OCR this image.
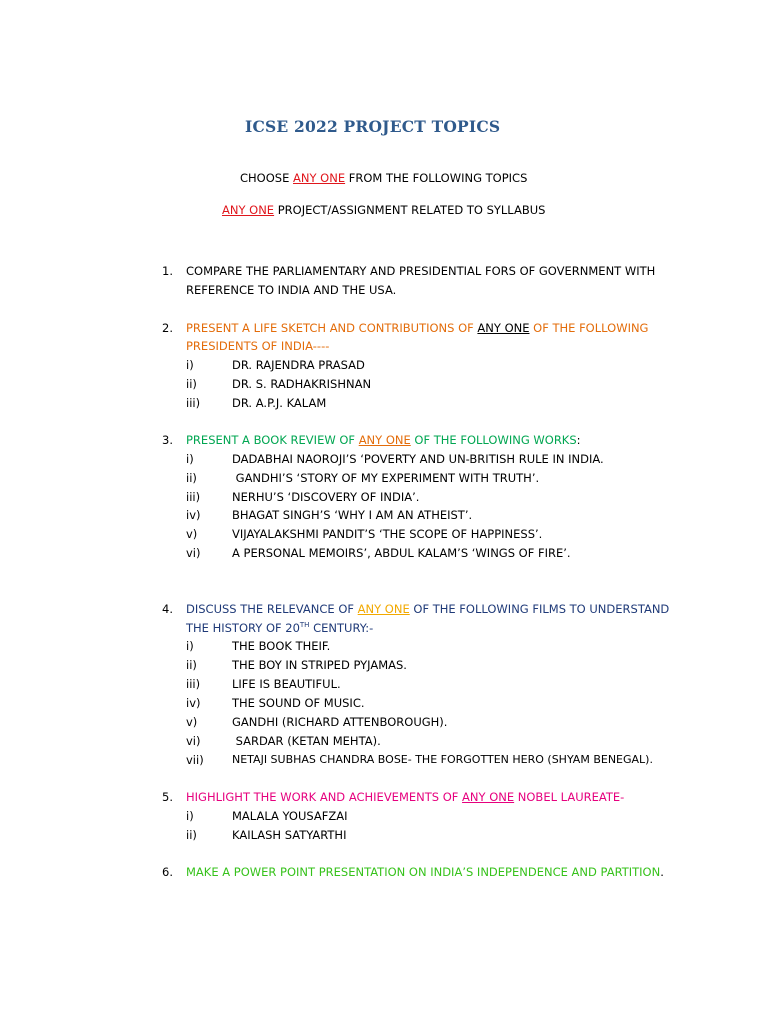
ICSE 2022 PROJECT TOPICS
CHOOSE ANY ONE FROM THE FOLLOWING TOPICS
ANY ONE PROJECT/ASSIGNMENT RELATED TO SYLLABUS
1. COMPARE THE PARLIAMENTARY AND PRESIDENTIAL FORS OF GOVERNMENT WITH
REFERENCE TO INDIA AND THE USA.
2. PRESENT A LIFE SKETCH AND CONTRIBUTIONS OF ANY ONE OF THE FOLLOWING
PRESIDENTS OF INDIA----
i)	DR. RAJENDRA PRASAD
ii)	DR. S. RADHAKRISHNAN
iii)	DR. A.P.J. KALAM
3. PRESENT A BOOK REVIEW OF ANY ONE OF THE FOLLOWING WORKS:
i)	DADABHAI NAOROJI’S ‘POVERTY AND UN-BRITISH RULE IN INDIA.
ii)	GANDHI’S ‘STORY OF MY EXPERIMENT WITH TRUTH’.
iii)	NERHU’S ‘DISCOVERY OF INDIA’.
iv)	BHAGAT SINGH’S ‘WHY I AM AN ATHEIST’.
v)	VIJAYALAKSHMI PANDIT’S ‘THE SCOPE OF HAPPINESS’.
vi)	A PERSONAL MEMOIRS’, ABDUL KALAM’S ‘WINGS OF FIRE’.
4. DISCUSS THE RELEVANCE OF ANY ONE OF THE FOLLOWING FILMS TO UNDERSTAND
THE HISTORY OF 20TH CENTURY:-
i)	THE BOOK THEIF.
ii)	THE BOY IN STRIPED PYJAMAS.
iii)	LIFE IS BEAUTIFUL.
iv)	THE SOUND OF MUSIC.
v)	GANDHI (RICHARD ATTENBOROUGH).
vi)	SARDAR (KETAN MEHTA).
vii)	NETAJI SUBHAS CHANDRA BOSE- THE FORGOTTEN HERO (SHYAM BENEGAL).
5. HIGHLIGHT THE WORK AND ACHIEVEMENTS OF ANY ONE NOBEL LAUREATE-
i)	MALALA YOUSAFZAI
ii)	KAILASH SATYARTHI
6. MAKE A POWER POINT PRESENTATION ON INDIA’S INDEPENDENCE AND PARTITION.
